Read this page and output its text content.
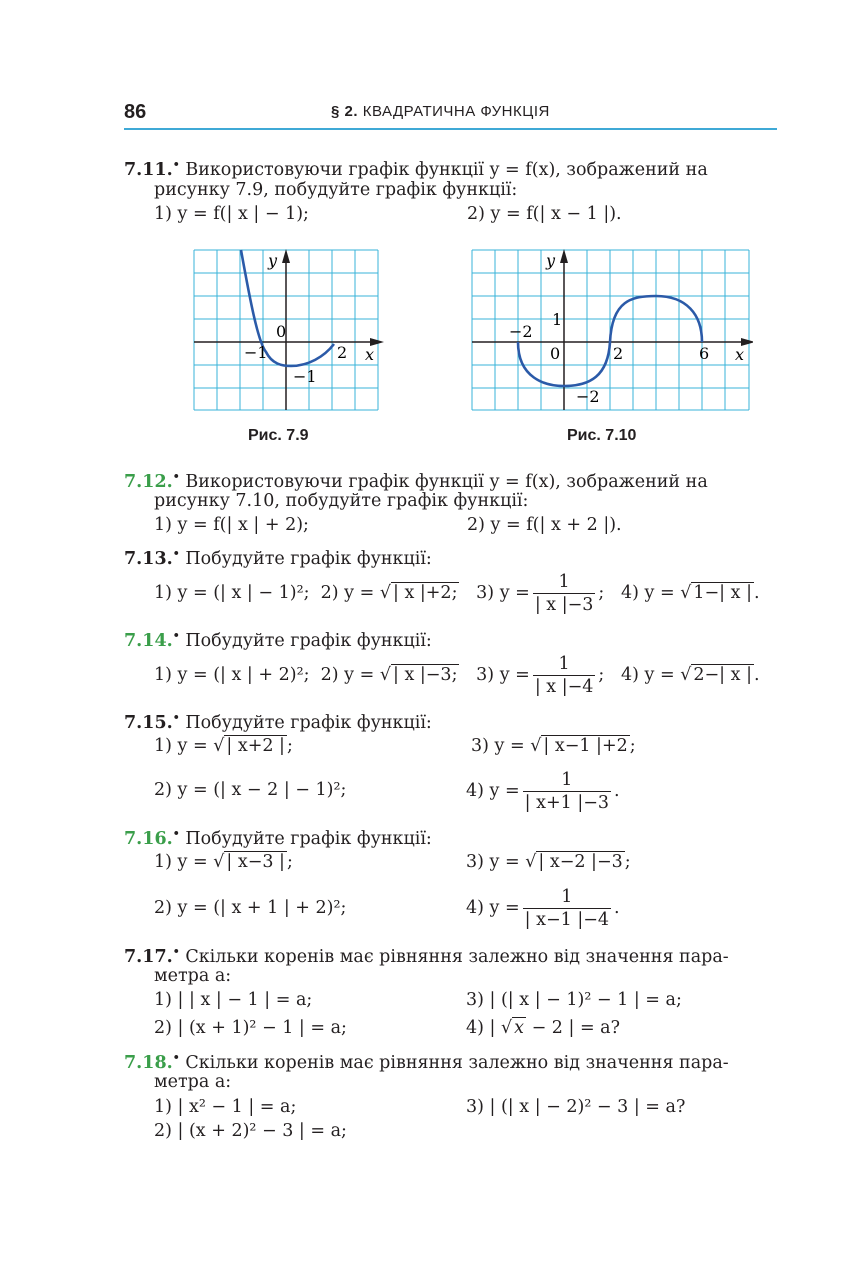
86	§ 2. КВАДРАТИЧНА ФУНКЦІЯ
7.11.• Використовуючи графік функції y = f(x), зображений на
рисунку 7.9, побудуйте графік функції:
1) y = f(| x | − 1);	2) y = f(| x − 1 |).
y
x
0
−1	2
−1
Рис. 7.9
y
x
−2
1
0	2	6
−2
Рис. 7.10
7.12.• Використовуючи графік функції y = f(x), зображений на
рисунку 7.10, побудуйте графік функції:
1) y = f(| x | + 2);	2) y = f(| x + 2 |).
7.13.• Побудуйте графік функції:
1) y = (| x | − 1)²; 2) y = √ | x |+2; 3) $y = \frac{1}{| x |-3}$ ; 4) y = √ 1−| x | .
7.14.• Побудуйте графік функції:
1) y = (| x | + 2)²; 2) y = √ | x |−3; 3) $y = \frac{1}{| x |-4}$ ; 4) y = √ 2−| x | .
7.15.• Побудуйте графік функції:
1) y = √ | x+2 | ;	3) y = √ | x−1 |+2 ;
2) y = (| x − 2 | − 1)²;	4) $y = \frac{1}{| x+1 |-3}$ .
7.16.• Побудуйте графік функції:
1) y = √ | x−3 | ;	3) y = √ | x−2 |−3 ;
2) y = (| x + 1 | + 2)²;	4) $y = \frac{1}{| x-1 |-4}$ .
7.17.• Скільки коренів має рівняння залежно від значення пара-
метра a:
1) | | x | − 1 | = a;	3) | (| x | − 1)² − 1 | = a;
2) | (x + 1)² − 1 | = a;	4) | √ x − 2 | = a?
7.18.• Скільки коренів має рівняння залежно від значення пара-
метра a:
1) | x² − 1 | = a;	3) | (| x | − 2)² − 3 | = a?
2) | (x + 2)² − 3 | = a;
